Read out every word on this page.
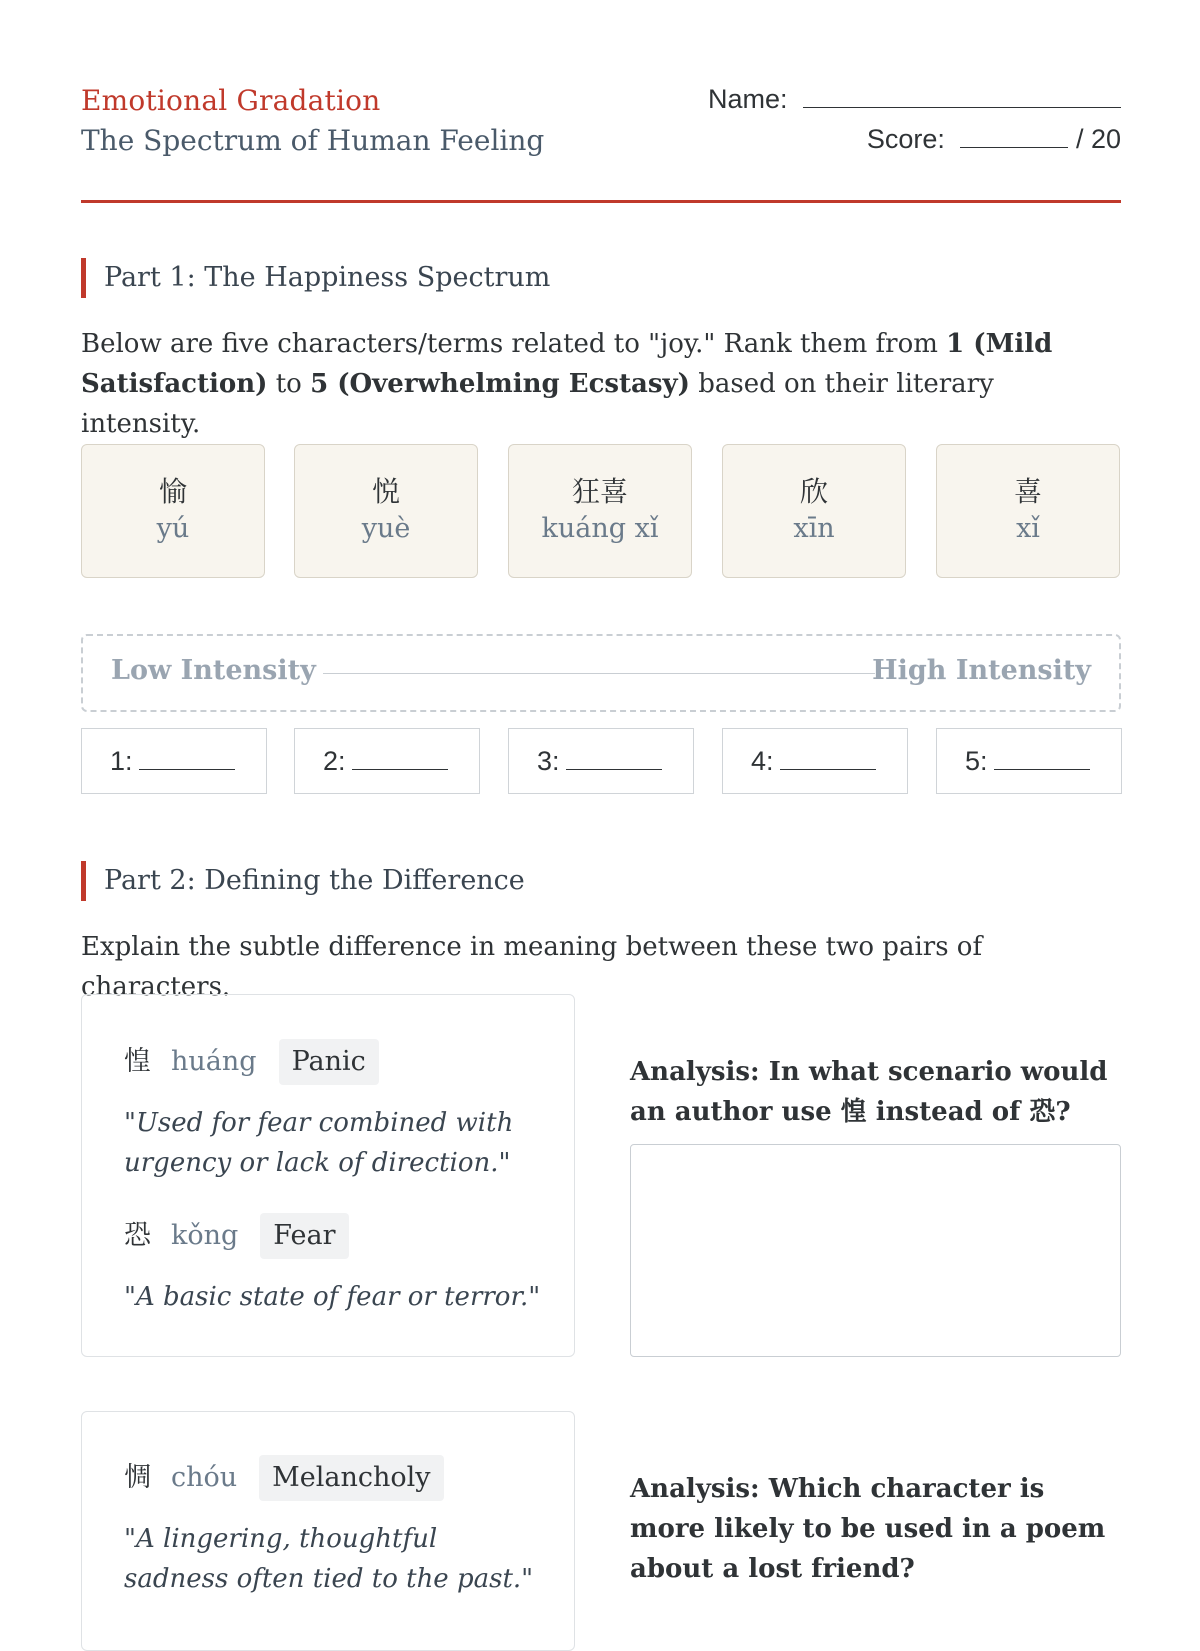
Emotional Gradation
The Spectrum of Human Feeling
Name:
Score:	/ 20
Part 1: The Happiness Spectrum
Below are five characters/terms related to "joy." Rank them from 1 (Mild Satisfaction) to 5 (Overwhelming Ecstasy) based on their literary intensity.
愉
yú
悦
yuè
狂喜
kuáng xǐ
欣
xīn
喜
xǐ
Low Intensity	High Intensity
1:	2:	3:	4:	5:
Part 2: Defining the Difference
Explain the subtle difference in meaning between these two pairs of characters.
惶 huáng Panic
"Used for fear combined with urgency or lack of direction."
恐 kǒng Fear
"A basic state of fear or terror."
Analysis: In what scenario would an author use 惶 instead of 恐?
惆 chóu Melancholy
"A lingering, thoughtful sadness often tied to the past."
Analysis: Which character is more likely to be used in a poem about a lost friend?
